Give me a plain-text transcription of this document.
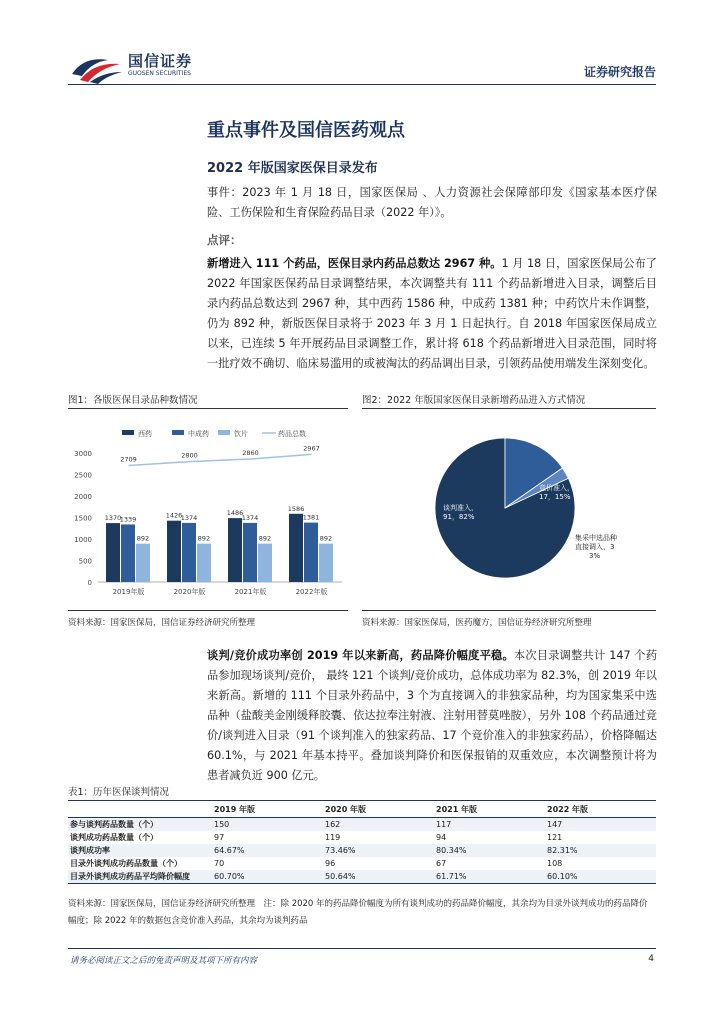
国信证券
GUOSEN SECURITIES	证券研究报告
重点事件及国信医药观点
2022 年版国家医保目录发布
事件：2023 年 1 月 18 日，国家医保局 、人力资源社会保障部印发《国家基本医疗保险、工伤保险和生育保险药品目录（2022 年）》。
点评：
新增进入 111 个药品，医保目录内药品总数达 2967 种。1 月 18 日，国家医保局公布了 2022 年国家医保药品目录调整结果，本次调整共有 111 个药品新增进入目录，调整后目录内药品总数达到 2967 种，其中西药 1586 种，中成药 1381 种；中药饮片未作调整，仍为 892 种，新版医保目录将于 2023 年 3 月 1 日起执行。自 2018 年国家医保局成立以来，已连续 5 年开展药品目录调整工作，累计将 618 个药品新增进入目录范围，同时将一批疗效不确切、临床易滥用的或被淘汰的药品调出目录，引领药品使用端发生深刻变化。
图1：各版医保目录品种数情况	图2：2022 年版国家医保目录新增药品进入方式情况
0
500
1000
1500
2000
2500
3000
西药	中成药	饮片	药品总数
1370
1339
892
2019年版
1426
1374
892
2020年版
1486
1374
892
2021年版
1586
1381
892
2022年版
2709	2800	2860
2967
谈判准入， 91，82%
竞价准入， 17，15%
集采中选品种直接调入，3 3%
资料来源：国家医保局，国信证券经济研究所整理	资料来源：国家医保局，医药魔方，国信证券经济研究所整理
谈判/竞价成功率创 2019 年以来新高，药品降价幅度平稳。本次目录调整共计 147 个药品参加现场谈判/竞价， 最终 121 个谈判/竞价成功，总体成功率为 82.3%，创 2019 年以来新高。新增的 111 个目录外药品中，3 个为直接调入的非独家品种，均为国家集采中选品种（盐酸美金刚缓释胶囊、依达拉奉注射液、注射用替莫唑胺），另外 108 个药品通过竞价/谈判进入目录（91 个谈判准入的独家药品、17 个竞价准入的非独家药品），价格降幅达 60.1%，与 2021 年基本持平。叠加谈判降价和医保报销的双重效应，本次调整预计将为患者减负近 900 亿元。
表1：历年医保谈判情况
	2019 年版	2020 年版	2021 年版	2022 年版
参与谈判药品数量（个）	150	162	117	147
谈判成功药品数量（个）	97	119	94	121
谈判成功率	64.67%	73.46%	80.34%	82.31%
目录外谈判成功药品数量（个）	70	96	67	108
目录外谈判成功药品平均降价幅度	60.70%	50.64%	61.71%	60.10%
资料来源：国家医保局，国信证券经济研究所整理　注：除 2020 年的药品降价幅度为所有谈判成功的药品降价幅度，其余均为目录外谈判成功的药品降价幅度；除 2022 年的数据包含竞价准入药品，其余均为谈判药品
请务必阅读正文之后的免责声明及其项下所有内容	4
